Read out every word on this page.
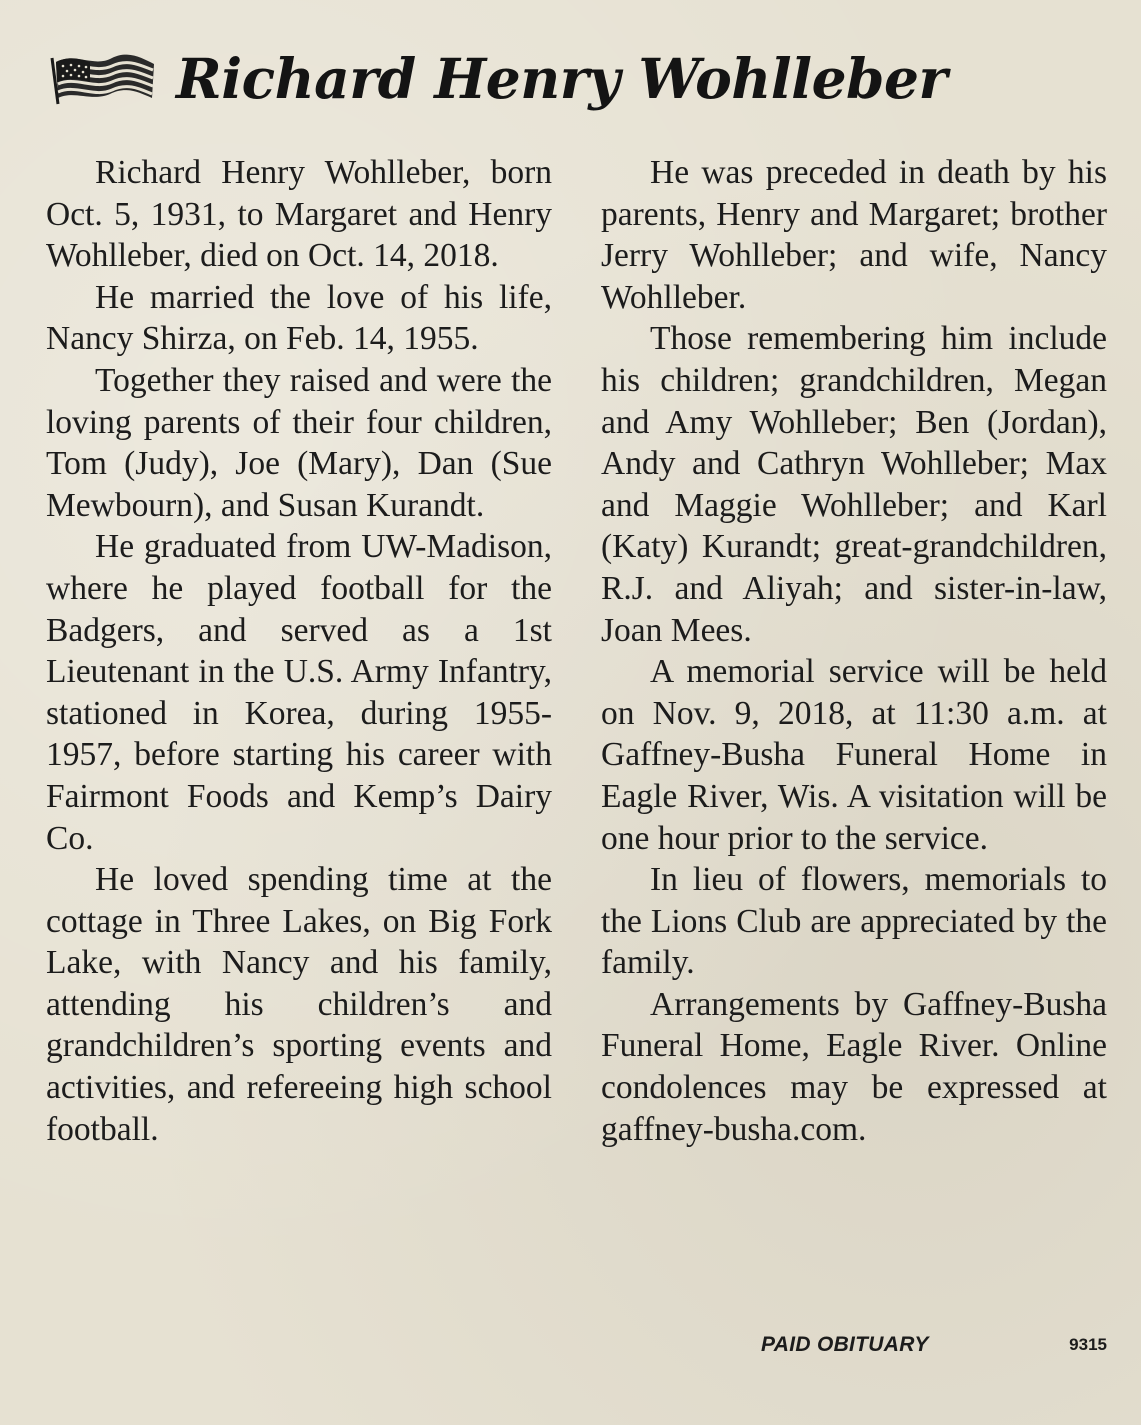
Richard Henry Wohlleber

Richard Henry Wohlleber, born Oct. 5, 1931, to Margaret and Henry Wohlleber, died on Oct. 14, 2018.

He married the love of his life, Nancy Shirza, on Feb. 14, 1955.

Together they raised and were the loving parents of their four children, Tom (Judy), Joe (Mary), Dan (Sue Mewbourn), and Susan Kurandt.

He graduated from UW-Madison, where he played football for the Badgers, and served as a 1st Lieutenant in the U.S. Army Infantry, stationed in Korea, during 1955-1957, before starting his career with Fairmont Foods and Kemp’s Dairy Co.

He loved spending time at the cottage in Three Lakes, on Big Fork Lake, with Nancy and his family, attending his children’s and grandchildren’s sporting events and activities, and refereeing high school football.

He was preceded in death by his parents, Henry and Margaret; brother Jerry Wohlleber; and wife, Nancy Wohlleber.

Those remembering him include his children; grandchildren, Megan and Amy Wohlleber; Ben (Jordan), Andy and Cathryn Wohlleber; Max and Maggie Wohlleber; and Karl (Katy) Kurandt; great-grandchildren, R.J. and Aliyah; and sister-in-law, Joan Mees.

A memorial service will be held on Nov. 9, 2018, at 11:30 a.m. at Gaffney-Busha Funeral Home in Eagle River, Wis. A visitation will be one hour prior to the service.

In lieu of flowers, memorials to the Lions Club are appreciated by the family.

Arrangements by Gaffney-Busha Funeral Home, Eagle River. Online condolences may be expressed at gaffney-busha.com.

PAID OBITUARY	9315
